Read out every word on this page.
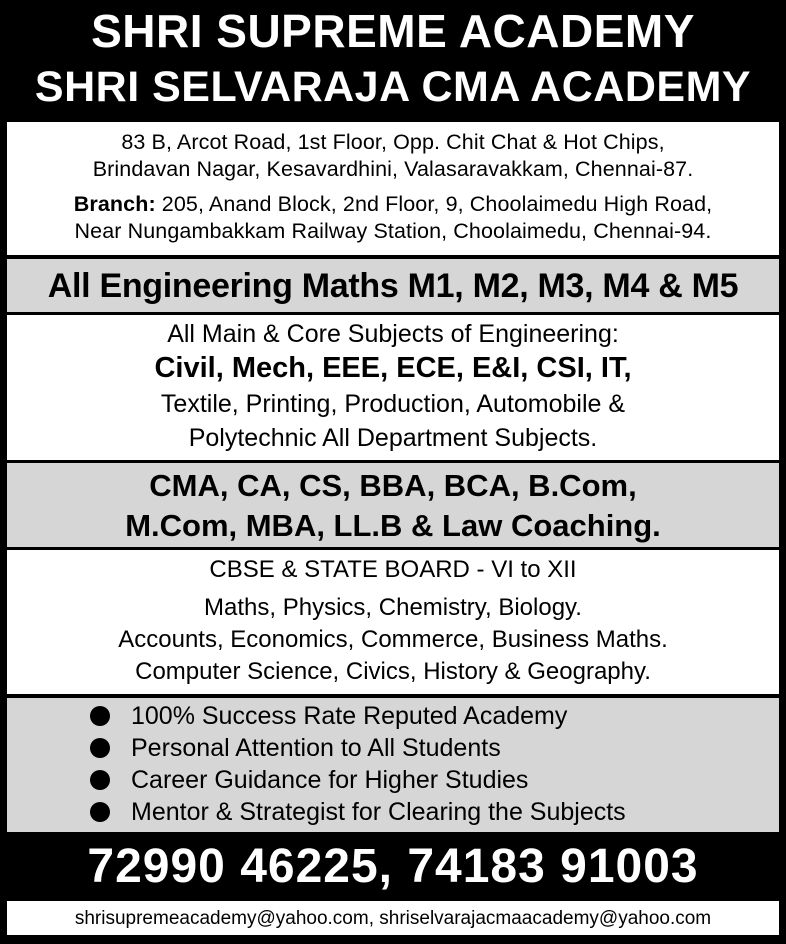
SHRI SUPREME ACADEMY
SHRI SELVARAJA CMA ACADEMY
83 B, Arcot Road, 1st Floor, Opp. Chit Chat & Hot Chips,
Brindavan Nagar, Kesavardhini, Valasaravakkam, Chennai-87.
Branch: 205, Anand Block, 2nd Floor, 9, Choolaimedu High Road,
Near Nungambakkam Railway Station, Choolaimedu, Chennai-94.
All Engineering Maths M1, M2, M3, M4 & M5
All Main & Core Subjects of Engineering:
Civil, Mech, EEE, ECE, E&I, CSI, IT,
Textile, Printing, Production, Automobile &
Polytechnic All Department Subjects.
CMA, CA, CS, BBA, BCA, B.Com,
M.Com, MBA, LL.B & Law Coaching.
CBSE & STATE BOARD - VI to XII
Maths, Physics, Chemistry, Biology.
Accounts, Economics, Commerce, Business Maths.
Computer Science, Civics, History & Geography.
100% Success Rate Reputed Academy
Personal Attention to All Students
Career Guidance for Higher Studies
Mentor & Strategist for Clearing the Subjects
72990 46225, 74183 91003
shrisupremeacademy@yahoo.com, shriselvarajacmaacademy@yahoo.com
